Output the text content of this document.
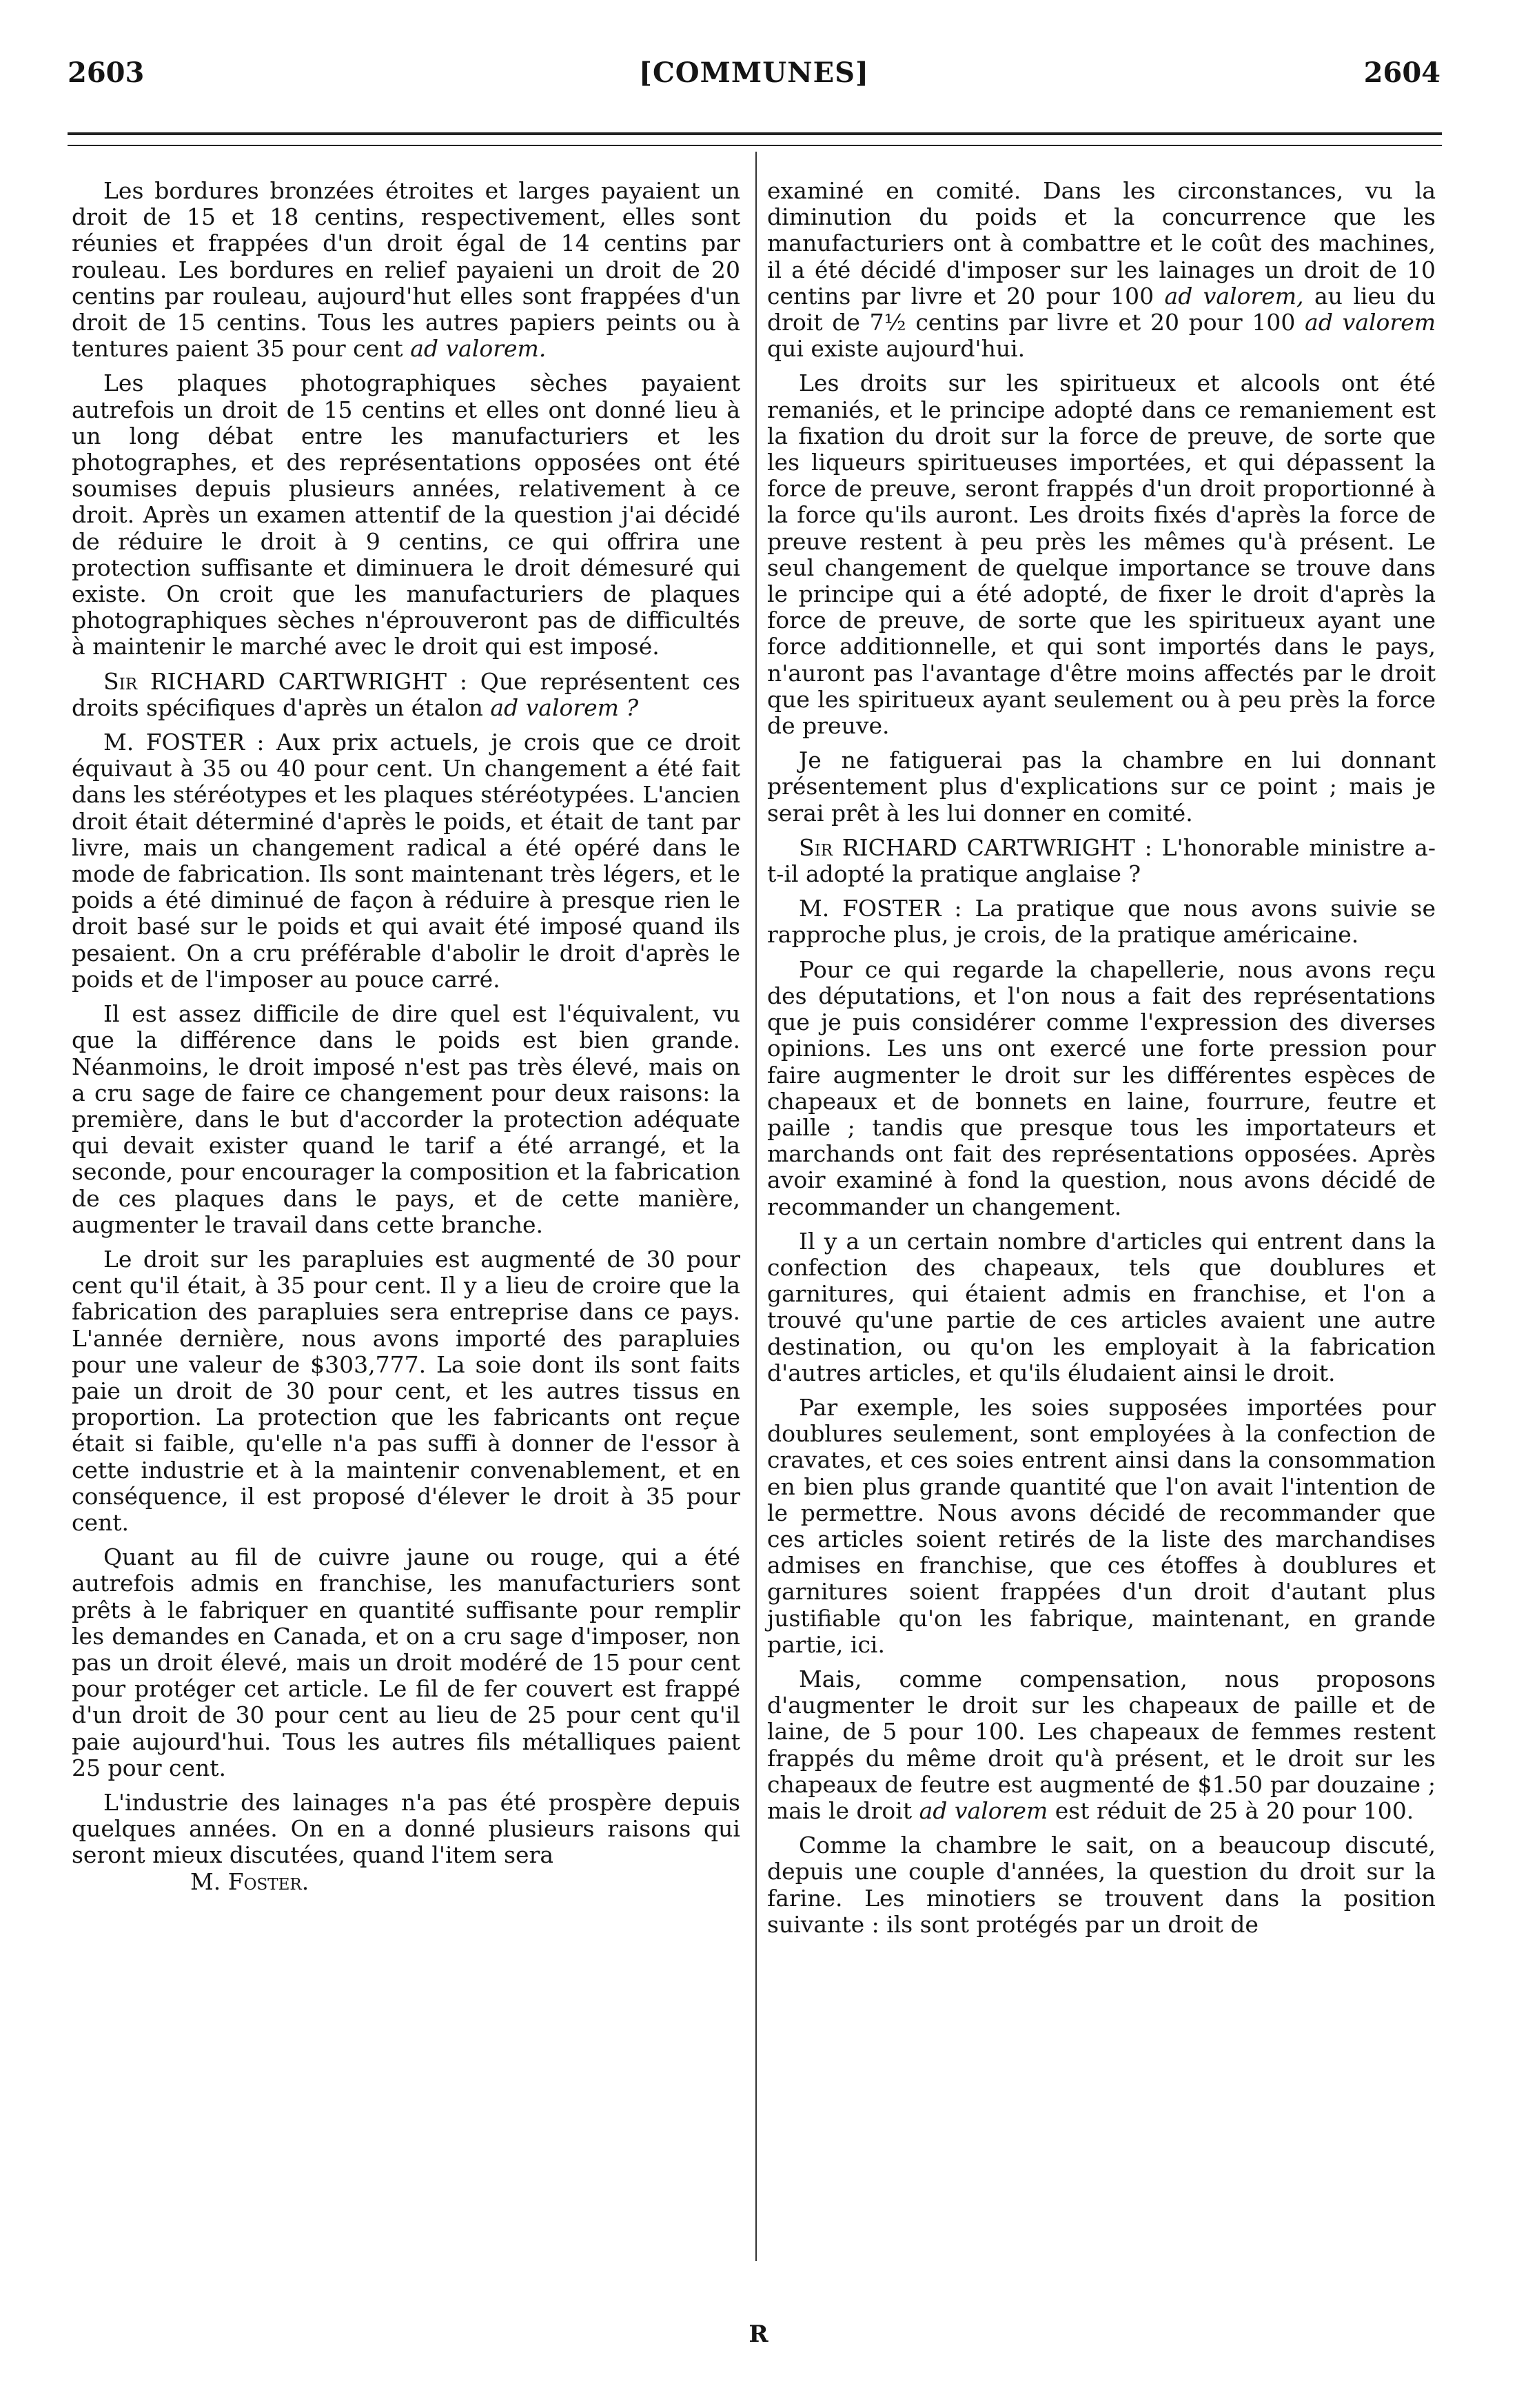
[COMMUNES]
2603	2604

Les bordures bronzées étroites et larges payaient un droit de 15 et 18 centins, respectivement, elles sont réunies et frappées d'un droit égal de 14 centins par rouleau. Les bordures en relief payaieni un droit de 20 centins par rouleau, aujourd'hut elles sont frappées d'un droit de 15 centins. Tous les autres papiers peints ou à tentures paient 35 pour cent ad valorem.

Les plaques photographiques sèches payaient autrefois un droit de 15 centins et elles ont donné lieu à un long débat entre les manufacturiers et les photographes, et des représentations opposées ont été soumises depuis plusieurs années, relativement à ce droit. Après un examen attentif de la question j'ai décidé de réduire le droit à 9 centins, ce qui offrira une protection suffisante et diminuera le droit démesuré qui existe. On croit que les manufacturiers de plaques photographiques sèches n'éprouveront pas de difficultés à maintenir le marché avec le droit qui est imposé.

Sir RICHARD CARTWRIGHT : Que représentent ces droits spécifiques d'après un étalon ad valorem ?

M. FOSTER : Aux prix actuels, je crois que ce droit équivaut à 35 ou 40 pour cent. Un changement a été fait dans les stéréotypes et les plaques stéréotypées. L'ancien droit était déterminé d'après le poids, et était de tant par livre, mais un changement radical a été opéré dans le mode de fabrication. Ils sont maintenant très légers, et le poids a été diminué de façon à réduire à presque rien le droit basé sur le poids et qui avait été imposé quand ils pesaient. On a cru préférable d'abolir le droit d'après le poids et de l'imposer au pouce carré.

Il est assez difficile de dire quel est l'équivalent, vu que la différence dans le poids est bien grande. Néanmoins, le droit imposé n'est pas très élevé, mais on a cru sage de faire ce changement pour deux raisons: la première, dans le but d'accorder la protection adéquate qui devait exister quand le tarif a été arrangé, et la seconde, pour encourager la composition et la fabrication de ces plaques dans le pays, et de cette manière, augmenter le travail dans cette branche.

Le droit sur les parapluies est augmenté de 30 pour cent qu'il était, à 35 pour cent. Il y a lieu de croire que la fabrication des parapluies sera entreprise dans ce pays. L'année dernière, nous avons importé des parapluies pour une valeur de $303,777. La soie dont ils sont faits paie un droit de 30 pour cent, et les autres tissus en proportion. La protection que les fabricants ont reçue était si faible, qu'elle n'a pas suffi à donner de l'essor à cette industrie et à la maintenir convenablement, et en conséquence, il est proposé d'élever le droit à 35 pour cent.

Quant au fil de cuivre jaune ou rouge, qui a été autrefois admis en franchise, les manufacturiers sont prêts à le fabriquer en quantité suffisante pour remplir les demandes en Canada, et on a cru sage d'imposer, non pas un droit élevé, mais un droit modéré de 15 pour cent pour protéger cet article. Le fil de fer couvert est frappé d'un droit de 30 pour cent au lieu de 25 pour cent qu'il paie aujourd'hui. Tous les autres fils métalliques paient 25 pour cent.

L'industrie des lainages n'a pas été prospère depuis quelques années. On en a donné plusieurs raisons qui seront mieux discutées, quand l'item sera

M. Foster.

examiné en comité. Dans les circonstances, vu la diminution du poids et la concurrence que les manufacturiers ont à combattre et le coût des machines, il a été décidé d'imposer sur les lainages un droit de 10 centins par livre et 20 pour 100 ad valorem, au lieu du droit de 7½ centins par livre et 20 pour 100 ad valorem qui existe aujourd'hui.

Les droits sur les spiritueux et alcools ont été remaniés, et le principe adopté dans ce remaniement est la fixation du droit sur la force de preuve, de sorte que les liqueurs spiritueuses importées, et qui dépassent la force de preuve, seront frappés d'un droit proportionné à la force qu'ils auront. Les droits fixés d'après la force de preuve restent à peu près les mêmes qu'à présent. Le seul changement de quelque importance se trouve dans le principe qui a été adopté, de fixer le droit d'après la force de preuve, de sorte que les spiritueux ayant une force additionnelle, et qui sont importés dans le pays, n'auront pas l'avantage d'être moins affectés par le droit que les spiritueux ayant seulement ou à peu près la force de preuve.

Je ne fatiguerai pas la chambre en lui donnant présentement plus d'explications sur ce point ; mais je serai prêt à les lui donner en comité.

Sir RICHARD CARTWRIGHT : L'honorable ministre a-t-il adopté la pratique anglaise ?

M. FOSTER : La pratique que nous avons suivie se rapproche plus, je crois, de la pratique américaine.

Pour ce qui regarde la chapellerie, nous avons reçu des députations, et l'on nous a fait des représentations que je puis considérer comme l'expression des diverses opinions. Les uns ont exercé une forte pression pour faire augmenter le droit sur les différentes espèces de chapeaux et de bonnets en laine, fourrure, feutre et paille ; tandis que presque tous les importateurs et marchands ont fait des représentations opposées. Après avoir examiné à fond la question, nous avons décidé de recommander un changement.

Il y a un certain nombre d'articles qui entrent dans la confection des chapeaux, tels que doublures et garnitures, qui étaient admis en franchise, et l'on a trouvé qu'une partie de ces articles avaient une autre destination, ou qu'on les employait à la fabrication d'autres articles, et qu'ils éludaient ainsi le droit.

Par exemple, les soies supposées importées pour doublures seulement, sont employées à la confection de cravates, et ces soies entrent ainsi dans la consommation en bien plus grande quantité que l'on avait l'intention de le permettre. Nous avons décidé de recommander que ces articles soient retirés de la liste des marchandises admises en franchise, que ces étoffes à doublures et garnitures soient frappées d'un droit d'autant plus justifiable qu'on les fabrique, maintenant, en grande partie, ici.

Mais, comme compensation, nous proposons d'augmenter le droit sur les chapeaux de paille et de laine, de 5 pour 100. Les chapeaux de femmes restent frappés du même droit qu'à présent, et le droit sur les chapeaux de feutre est augmenté de $1.50 par douzaine ; mais le droit ad valorem est réduit de 25 à 20 pour 100.

Comme la chambre le sait, on a beaucoup discuté, depuis une couple d'années, la question du droit sur la farine. Les minotiers se trouvent dans la position suivante : ils sont protégés par un droit de

R
